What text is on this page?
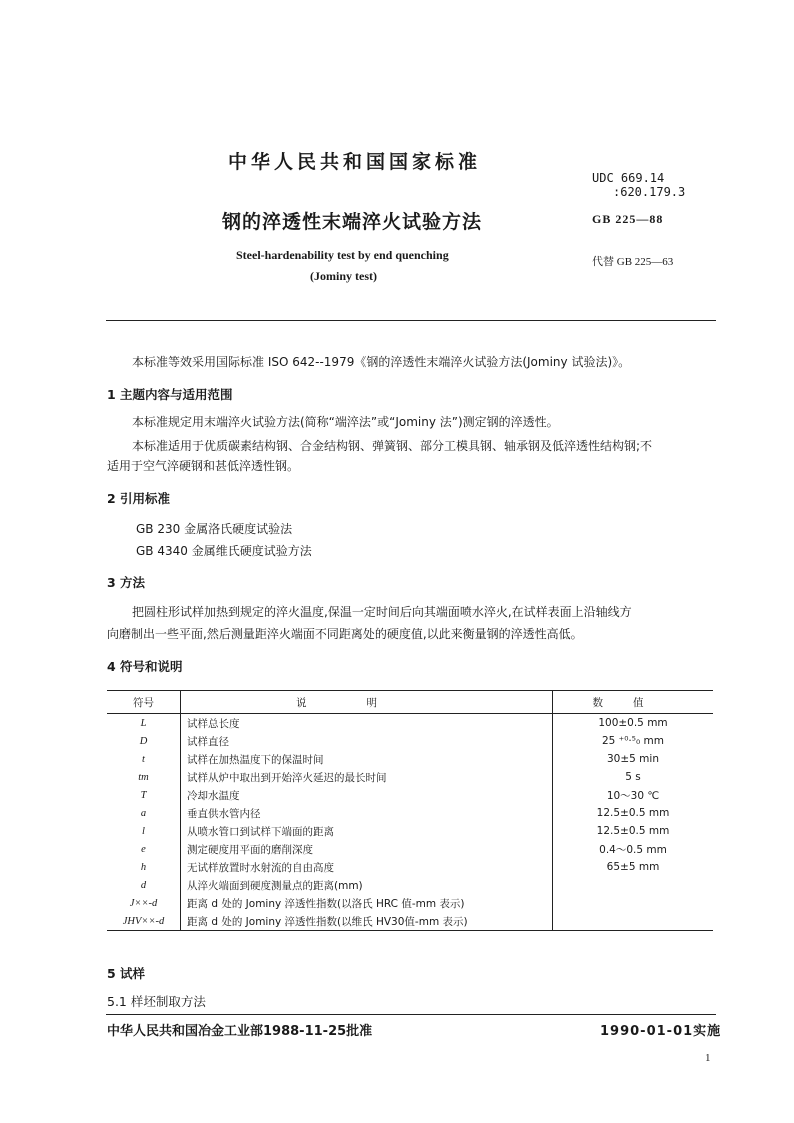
中华人民共和国国家标准
钢的淬透性末端淬火试验方法
Steel-hardenability test by end quenching
(Jominy test)
UDC 669.14
:620.179.3
GB 225—88
代替 GB 225—63
本标准等效采用国际标准 ISO 642--1979《钢的淬透性末端淬火试验方法(Jominy 试验法)》。
1 主题内容与适用范围
本标准规定用末端淬火试验方法(简称“端淬法”或“Jominy 法”)测定钢的淬透性。
本标准适用于优质碳素结构钢、合金结构钢、弹簧钢、部分工模具钢、轴承钢及低淬透性结构钢;不
适用于空气淬硬钢和甚低淬透性钢。
2 引用标准
GB 230 金属洛氏硬度试验法
GB 4340 金属维氏硬度试验方法
3 方法
把圆柱形试样加热到规定的淬火温度,保温一定时间后向其端面喷水淬火,在试样表面上沿轴线方
向磨制出一些平面,然后测量距淬火端面不同距离处的硬度值,以此来衡量钢的淬透性高低。
4 符号和说明
符号	说明	数值
L	试样总长度	100±0.5 mm
D	试样直径	25 ⁺⁰·⁵₀ mm
t	试样在加热温度下的保温时间	30±5 min
tm	试样从炉中取出到开始淬火延迟的最长时间	5 s
T	冷却水温度	10～30 ℃
a	垂直供水管内径	12.5±0.5 mm
l	从喷水管口到试样下端面的距离	12.5±0.5 mm
e	测定硬度用平面的磨削深度	0.4～0.5 mm
h	无试样放置时水射流的自由高度	65±5 mm
d	从淬火端面到硬度测量点的距离(mm)	
J××-d	距离 d 处的 Jominy 淬透性指数(以洛氏 HRC 值-mm 表示)	
JHV××-d	距离 d 处的 Jominy 淬透性指数(以维氏 HV30值-mm 表示)	
5 试样
5.1 样坯制取方法
中华人民共和国冶金工业部1988-11-25批准	1990-01-01实施
1
